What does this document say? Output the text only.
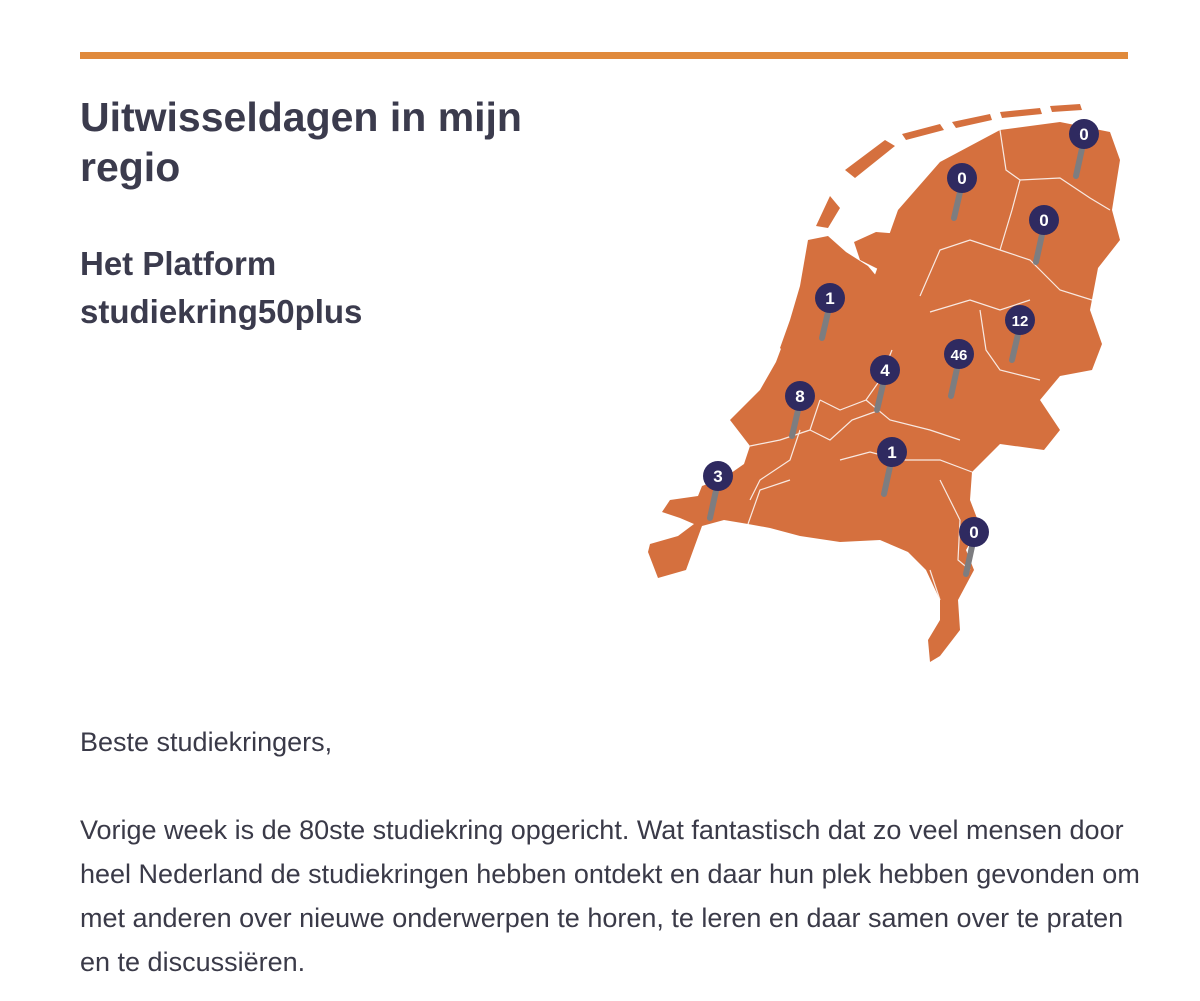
Uitwisseldagen in mijn regio
Het Platform studiekring50plus
0
0
0
1
12
46
4
8
1
3
0

Beste studiekringers,

Vorige week is de 80ste studiekring opgericht. Wat fantastisch dat zo veel mensen door heel Nederland de studiekringen hebben ontdekt en daar hun plek hebben gevonden om met anderen over nieuwe onderwerpen te horen, te leren en daar samen over te praten en te discussiëren.
